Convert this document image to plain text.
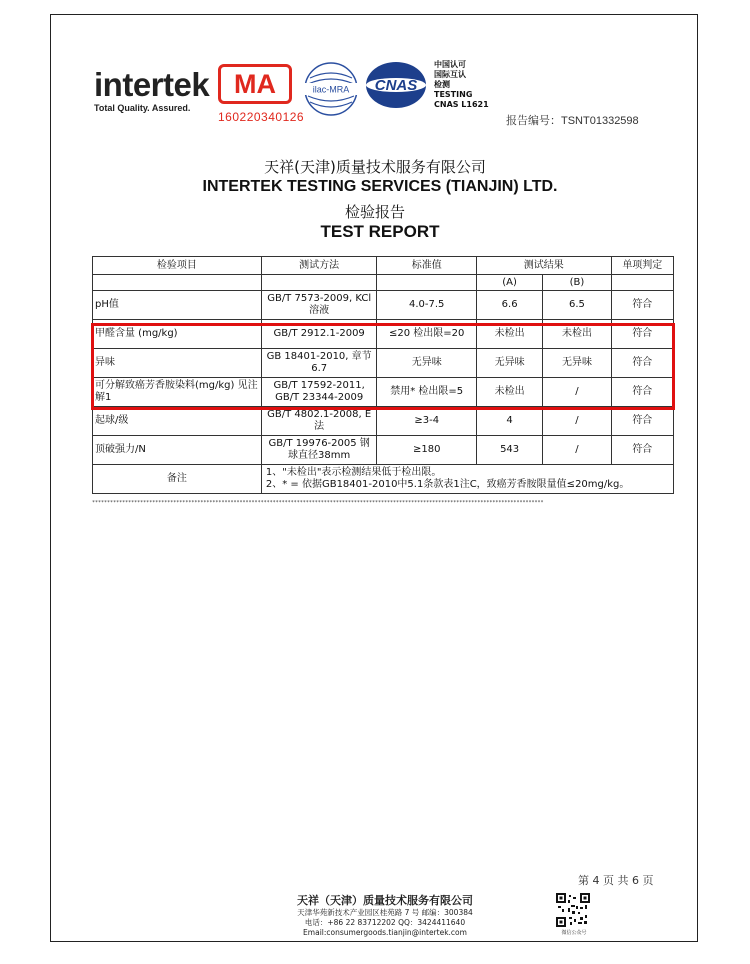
intertek
Total Quality. Assured.
MA
160220340126
ilac-MRA CNAS
中国认可
国际互认
检测
TESTING
CNAS L1621
报告编号：TSNT01332598
天祥(天津)质量技术服务有限公司
INTERTEK TESTING SERVICES (TIANJIN) LTD.
检验报告
TEST REPORT
检验项目	测试方法	标准值	测试结果		单项判定
			(A)	(B)	
pH值	GB/T 7573-2009, KCl溶液	4.0-7.5	6.6	6.5	符合
甲醛含量 (mg/kg)	GB/T 2912.1-2009	≤20 检出限=20	未检出	未检出	符合
异味	GB 18401-2010, 章节6.7	无异味	无异味	无异味	符合
可分解致癌芳香胺染料(mg/kg) 见注解1	GB/T 17592-2011, GB/T 23344-2009	禁用* 检出限=5	未检出	/	符合
起球/级	GB/T 4802.1-2008, E法	≥3-4	4	/	符合
顶破强力/N	GB/T 19976-2005 钢球直径38mm	≥180	543	/	符合
备注	1、"未检出"表示检测结果低于检出限。
2、* = 依据GB18401-2010中5.1条款表1注C，致癌芳香胺限量值≤20mg/kg。				
******************************************************************************************************************************************************
第 4 页 共 6 页
天祥（天津）质量技术服务有限公司
天津华苑新技术产业园区桂苑路 7 号 邮编：300384
电话：+86 22 83712202 QQ：3424411640
Email:consumergoods.tianjin@intertek.com	微信公众号
